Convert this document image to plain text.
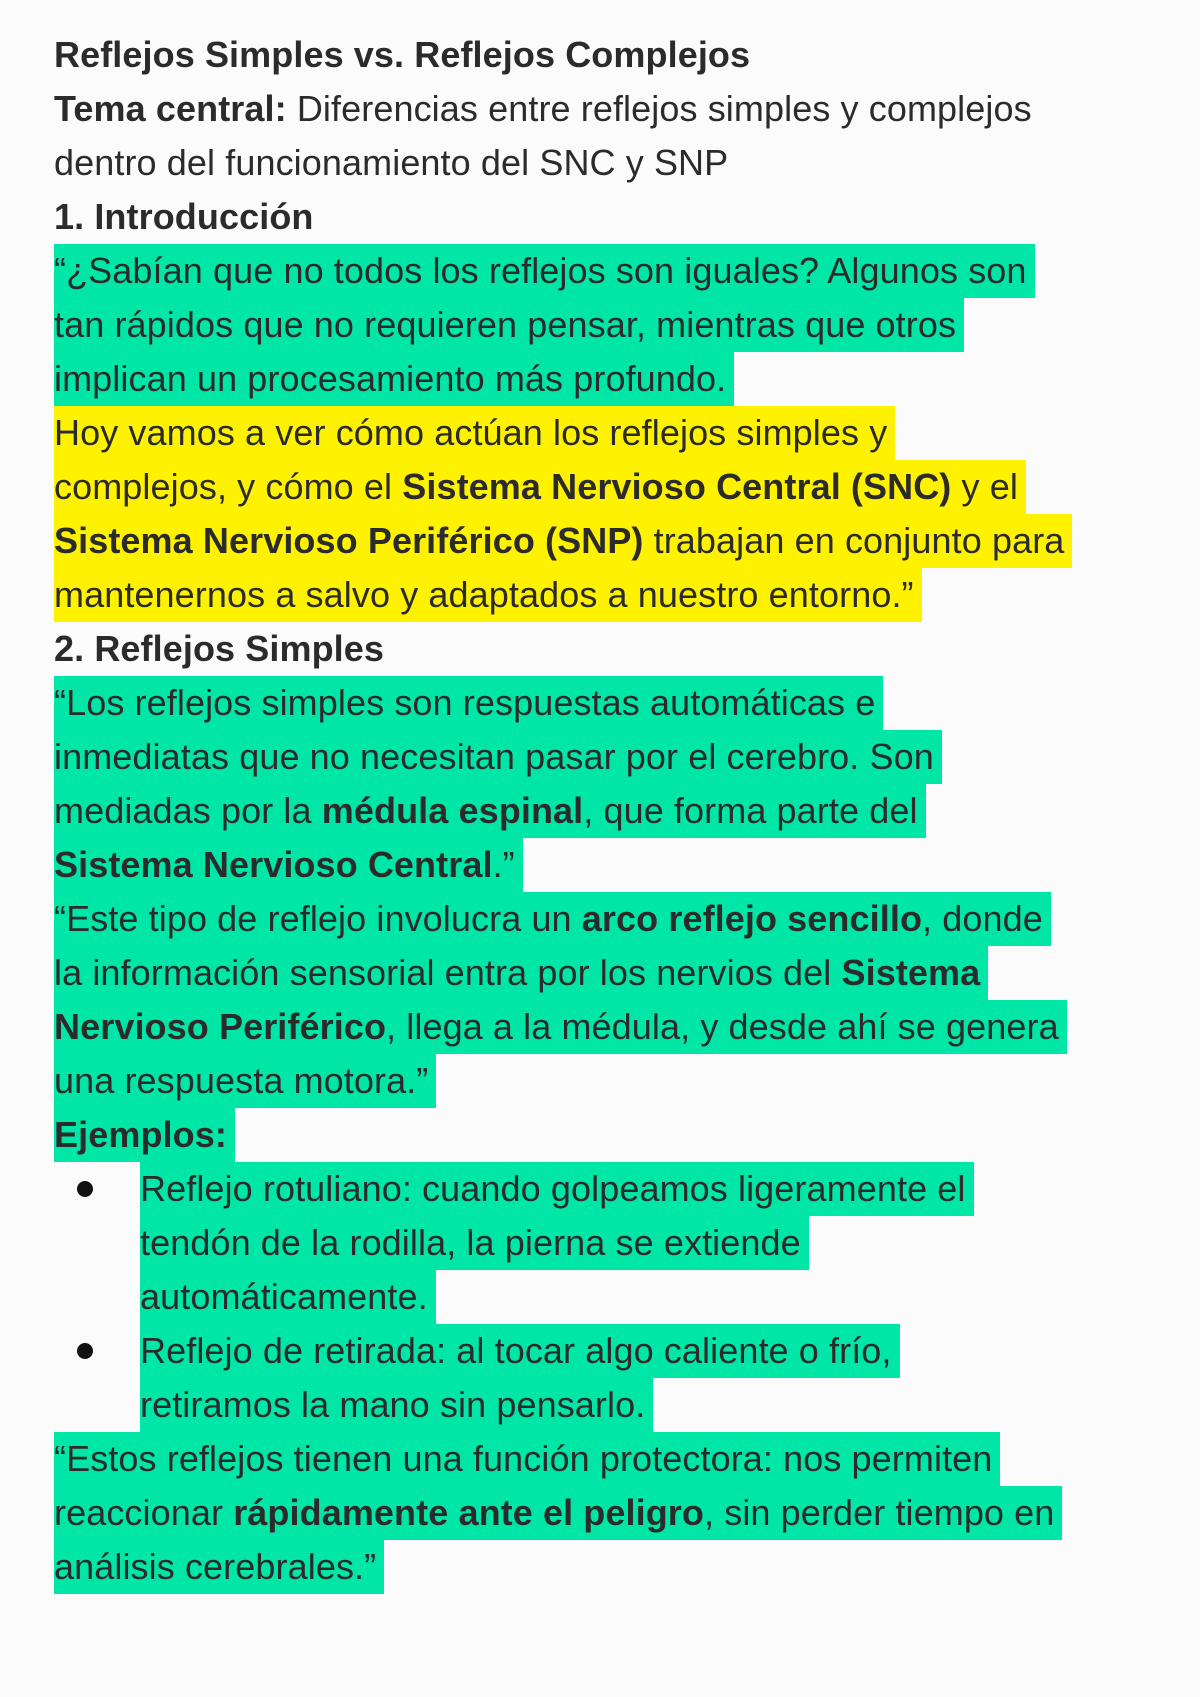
Reflejos Simples vs. Reflejos Complejos
Tema central: Diferencias entre reflejos simples y complejos
dentro del funcionamiento del SNC y SNP
1. Introducción
“¿Sabían que no todos los reflejos son iguales? Algunos son
tan rápidos que no requieren pensar, mientras que otros
implican un procesamiento más profundo.
Hoy vamos a ver cómo actúan los reflejos simples y
complejos, y cómo el Sistema Nervioso Central (SNC) y el
Sistema Nervioso Periférico (SNP) trabajan en conjunto para
mantenernos a salvo y adaptados a nuestro entorno.”
2. Reflejos Simples
“Los reflejos simples son respuestas automáticas e
inmediatas que no necesitan pasar por el cerebro. Son
mediadas por la médula espinal, que forma parte del
Sistema Nervioso Central.”
“Este tipo de reflejo involucra un arco reflejo sencillo, donde
la información sensorial entra por los nervios del Sistema
Nervioso Periférico, llega a la médula, y desde ahí se genera
una respuesta motora.”
Ejemplos:
Reflejo rotuliano: cuando golpeamos ligeramente el
tendón de la rodilla, la pierna se extiende
automáticamente.
Reflejo de retirada: al tocar algo caliente o frío,
retiramos la mano sin pensarlo.
“Estos reflejos tienen una función protectora: nos permiten
reaccionar rápidamente ante el peligro, sin perder tiempo en
análisis cerebrales.”
